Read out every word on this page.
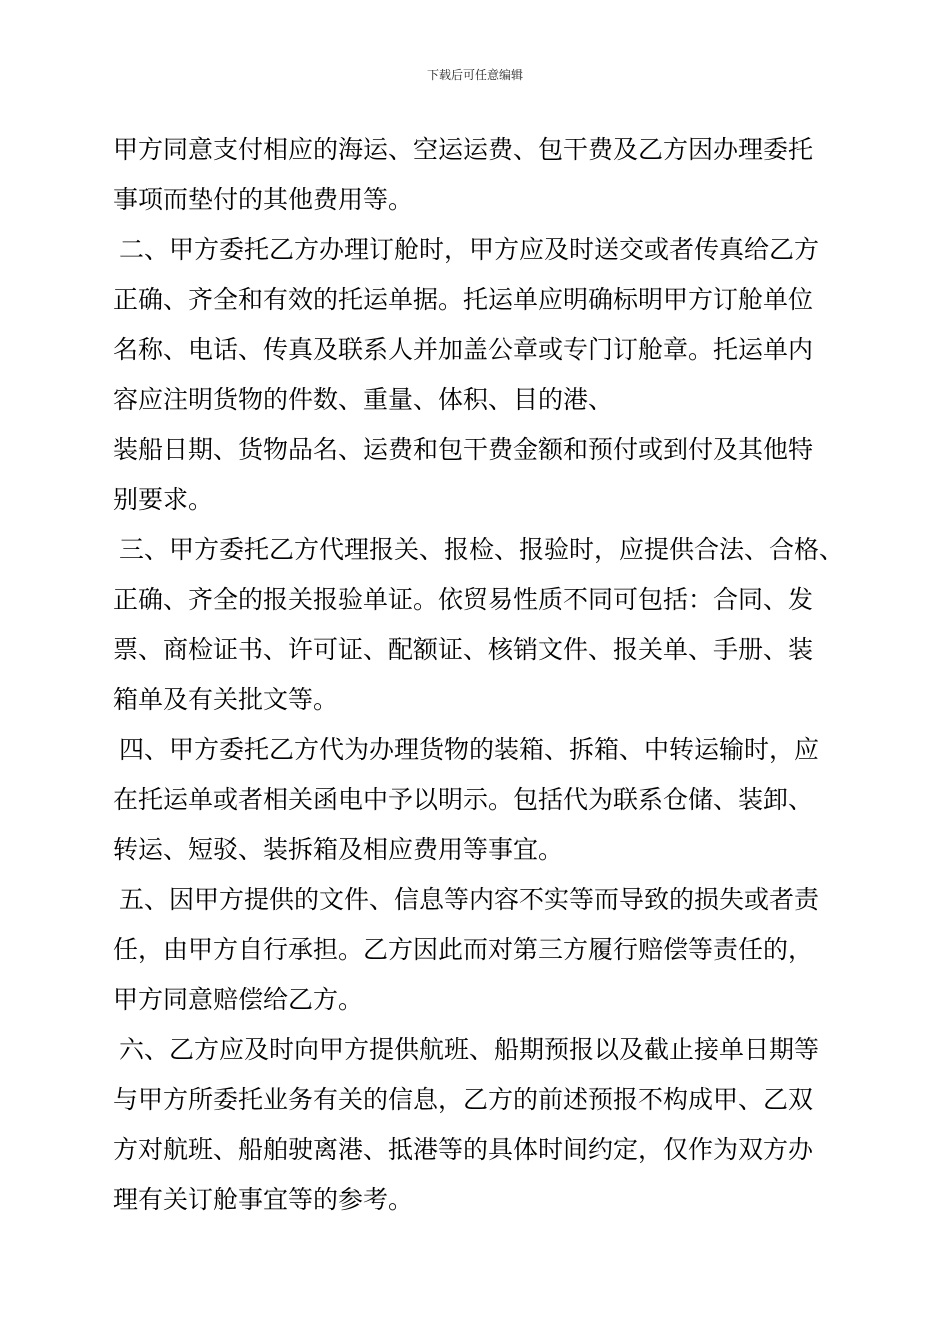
下载后可任意编辑
甲方同意支付相应的海运、空运运费、包干费及乙方因办理委托
事项而垫付的其他费用等。
二、甲方委托乙方办理订舱时，甲方应及时送交或者传真给乙方
正确、齐全和有效的托运单据。托运单应明确标明甲方订舱单位
名称、电话、传真及联系人并加盖公章或专门订舱章。托运单内
容应注明货物的件数、重量、体积、目的港、
装船日期、货物品名、运费和包干费金额和预付或到付及其他特
别要求。
三、甲方委托乙方代理报关、报检、报验时，应提供合法、合格、
正确、齐全的报关报验单证。依贸易性质不同可包括：合同、发
票、商检证书、许可证、配额证、核销文件、报关单、手册、装
箱单及有关批文等。
四、甲方委托乙方代为办理货物的装箱、拆箱、中转运输时，应
在托运单或者相关函电中予以明示。包括代为联系仓储、装卸、
转运、短驳、装拆箱及相应费用等事宜。
五、因甲方提供的文件、信息等内容不实等而导致的损失或者责
任，由甲方自行承担。乙方因此而对第三方履行赔偿等责任的，
甲方同意赔偿给乙方。
六、乙方应及时向甲方提供航班、船期预报以及截止接单日期等
与甲方所委托业务有关的信息，乙方的前述预报不构成甲、乙双
方对航班、船舶驶离港、抵港等的具体时间约定，仅作为双方办
理有关订舱事宜等的参考。
